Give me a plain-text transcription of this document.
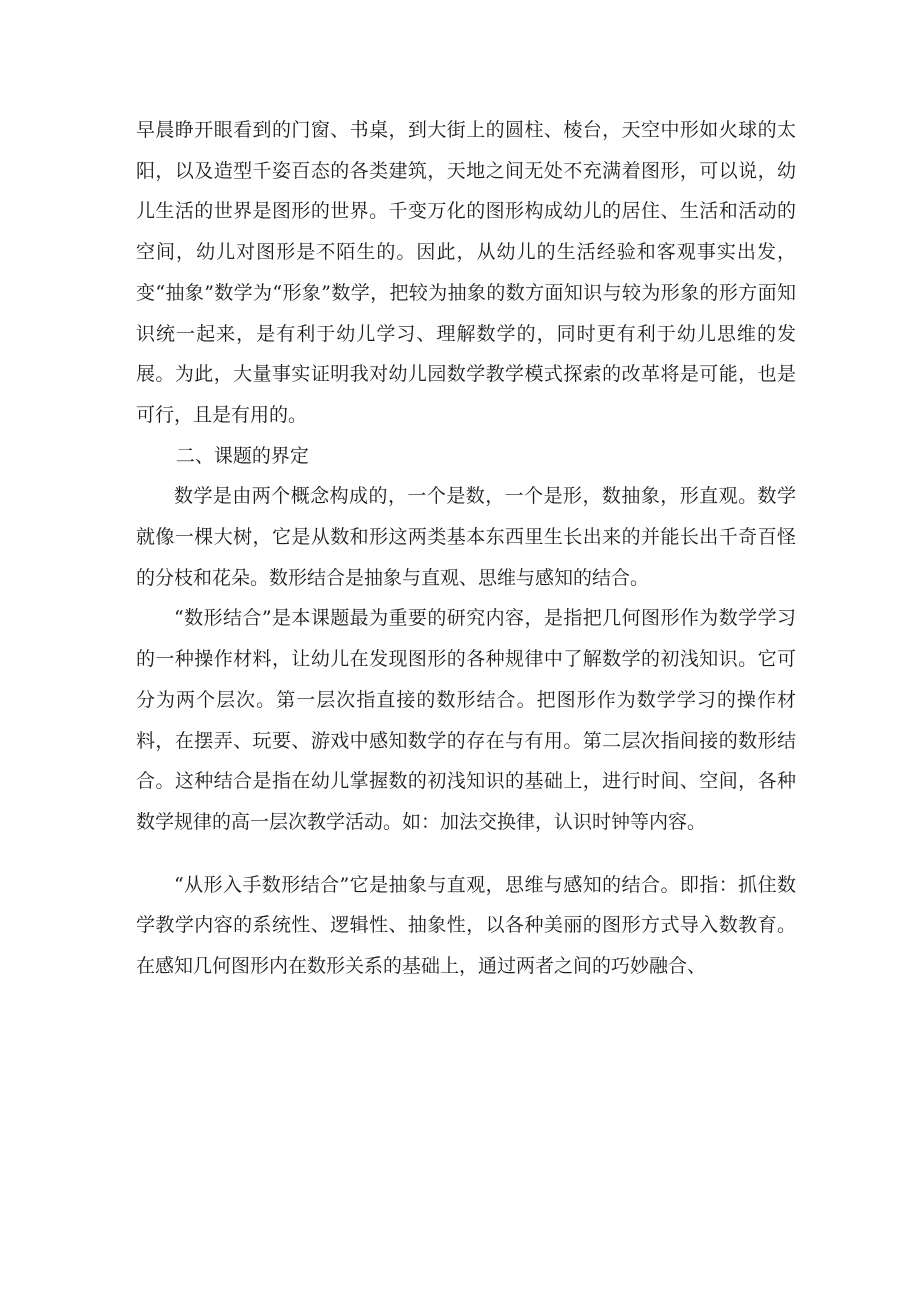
早晨睁开眼看到的门窗、书桌，到大街上的圆柱、棱台，天空中形如火球的太阳，以及造型千姿百态的各类建筑，天地之间无处不充满着图形，可以说，幼儿生活的世界是图形的世界。千变万化的图形构成幼儿的居住、生活和活动的空间，幼儿对图形是不陌生的。因此，从幼儿的生活经验和客观事实出发，变“抽象”数学为“形象”数学，把较为抽象的数方面知识与较为形象的形方面知识统一起来，是有利于幼儿学习、理解数学的，同时更有利于幼儿思维的发展。为此，大量事实证明我对幼儿园数学教学模式探索的改革将是可能，也是可行，且是有用的。

二、课题的界定

数学是由两个概念构成的，一个是数，一个是形，数抽象，形直观。数学就像一棵大树，它是从数和形这两类基本东西里生长出来的并能长出千奇百怪的分枝和花朵。数形结合是抽象与直观、思维与感知的结合。

“数形结合”是本课题最为重要的研究内容，是指把几何图形作为数学学习的一种操作材料，让幼儿在发现图形的各种规律中了解数学的初浅知识。它可分为两个层次。第一层次指直接的数形结合。把图形作为数学学习的操作材料，在摆弄、玩要、游戏中感知数学的存在与有用。第二层次指间接的数形结合。这种结合是指在幼儿掌握数的初浅知识的基础上，进行时间、空间，各种数学规律的高一层次教学活动。如：加法交换律，认识时钟等内容。

“从形入手数形结合”它是抽象与直观，思维与感知的结合。即指：抓住数学教学内容的系统性、逻辑性、抽象性，以各种美丽的图形方式导入数教育。在感知几何图形内在数形关系的基础上，通过两者之间的巧妙融合、
